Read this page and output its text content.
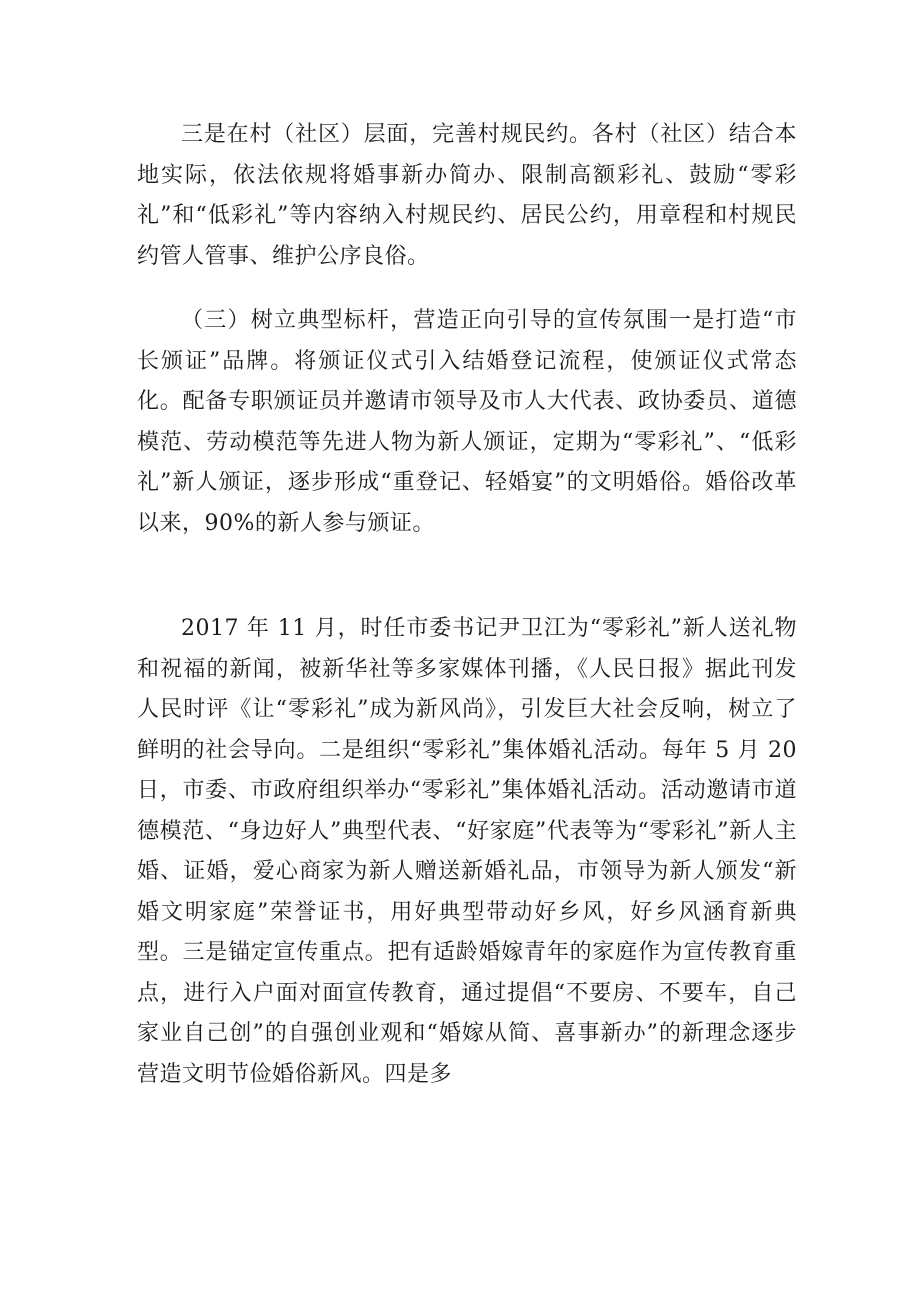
三是在村（社区）层面，完善村规民约。各村（社区）结合本地实际，依法依规将婚事新办简办、限制高额彩礼、鼓励“零彩礼”和“低彩礼”等内容纳入村规民约、居民公约，用章程和村规民约管人管事、维护公序良俗。

（三）树立典型标杆，营造正向引导的宣传氛围一是打造“市长颁证”品牌。将颁证仪式引入结婚登记流程，使颁证仪式常态化。配备专职颁证员并邀请市领导及市人大代表、政协委员、道德模范、劳动模范等先进人物为新人颁证，定期为“零彩礼”、“低彩礼”新人颁证，逐步形成“重登记、轻婚宴”的文明婚俗。婚俗改革以来，90%的新人参与颁证。

2017 年 11 月，时任市委书记尹卫江为“零彩礼”新人送礼物和祝福的新闻，被新华社等多家媒体刊播，《人民日报》据此刊发人民时评《让“零彩礼”成为新风尚》，引发巨大社会反响，树立了鲜明的社会导向。二是组织“零彩礼”集体婚礼活动。每年 5 月 20 日，市委、市政府组织举办“零彩礼”集体婚礼活动。活动邀请市道德模范、“身边好人”典型代表、“好家庭”代表等为“零彩礼”新人主婚、证婚，爱心商家为新人赠送新婚礼品，市领导为新人颁发“新婚文明家庭”荣誉证书，用好典型带动好乡风，好乡风涵育新典型。三是锚定宣传重点。把有适龄婚嫁青年的家庭作为宣传教育重点，进行入户面对面宣传教育，通过提倡“不要房、不要车，自己家业自己创”的自强创业观和“婚嫁从简、喜事新办”的新理念逐步营造文明节俭婚俗新风。四是多
